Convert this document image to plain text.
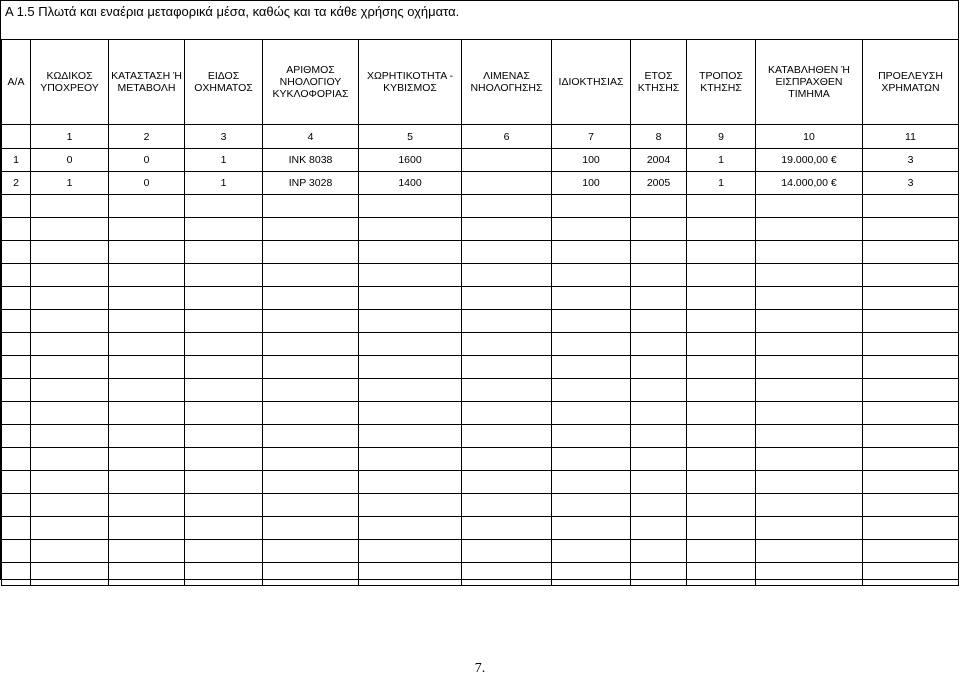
Α 1.5 Πλωτά και εναέρια μεταφορικά μέσα, καθώς και τα κάθε χρήσης οχήματα.
Α/Α	ΚΩΔΙΚΟΣ ΥΠΟΧΡΕΟΥ	ΚΑΤΑΣΤΑΣΗ Ή ΜΕΤΑΒΟΛΗ	ΕΙΔΟΣ ΟΧΗΜΑΤΟΣ	ΑΡΙΘΜΟΣ ΝΗΟΛΟΓΙΟΥ ΚΥΚΛΟΦΟΡΙΑΣ	ΧΩΡΗΤΙΚΟΤΗΤΑ - ΚΥΒΙΣΜΟΣ	ΛΙΜΕΝΑΣ ΝΗΟΛΟΓΗΣΗΣ	ΙΔΙΟΚΤΗΣΙΑΣ	ΕΤΟΣ ΚΤΗΣΗΣ	ΤΡΟΠΟΣ ΚΤΗΣΗΣ	ΚΑΤΑΒΛΗΘΕΝ Ή ΕΙΣΠΡΑΧΘΕΝ ΤΙΜΗΜΑ	ΠΡΟΕΛΕΥΣΗ ΧΡΗΜΑΤΩΝ
	1	2	3	4	5	6	7	8	9	10	11
1	0	0	1	INK 8038	1600		100	2004	1	19.000,00 €	3
2	1	0	1	INP 3028	1400		100	2005	1	14.000,00 €	3

7.
